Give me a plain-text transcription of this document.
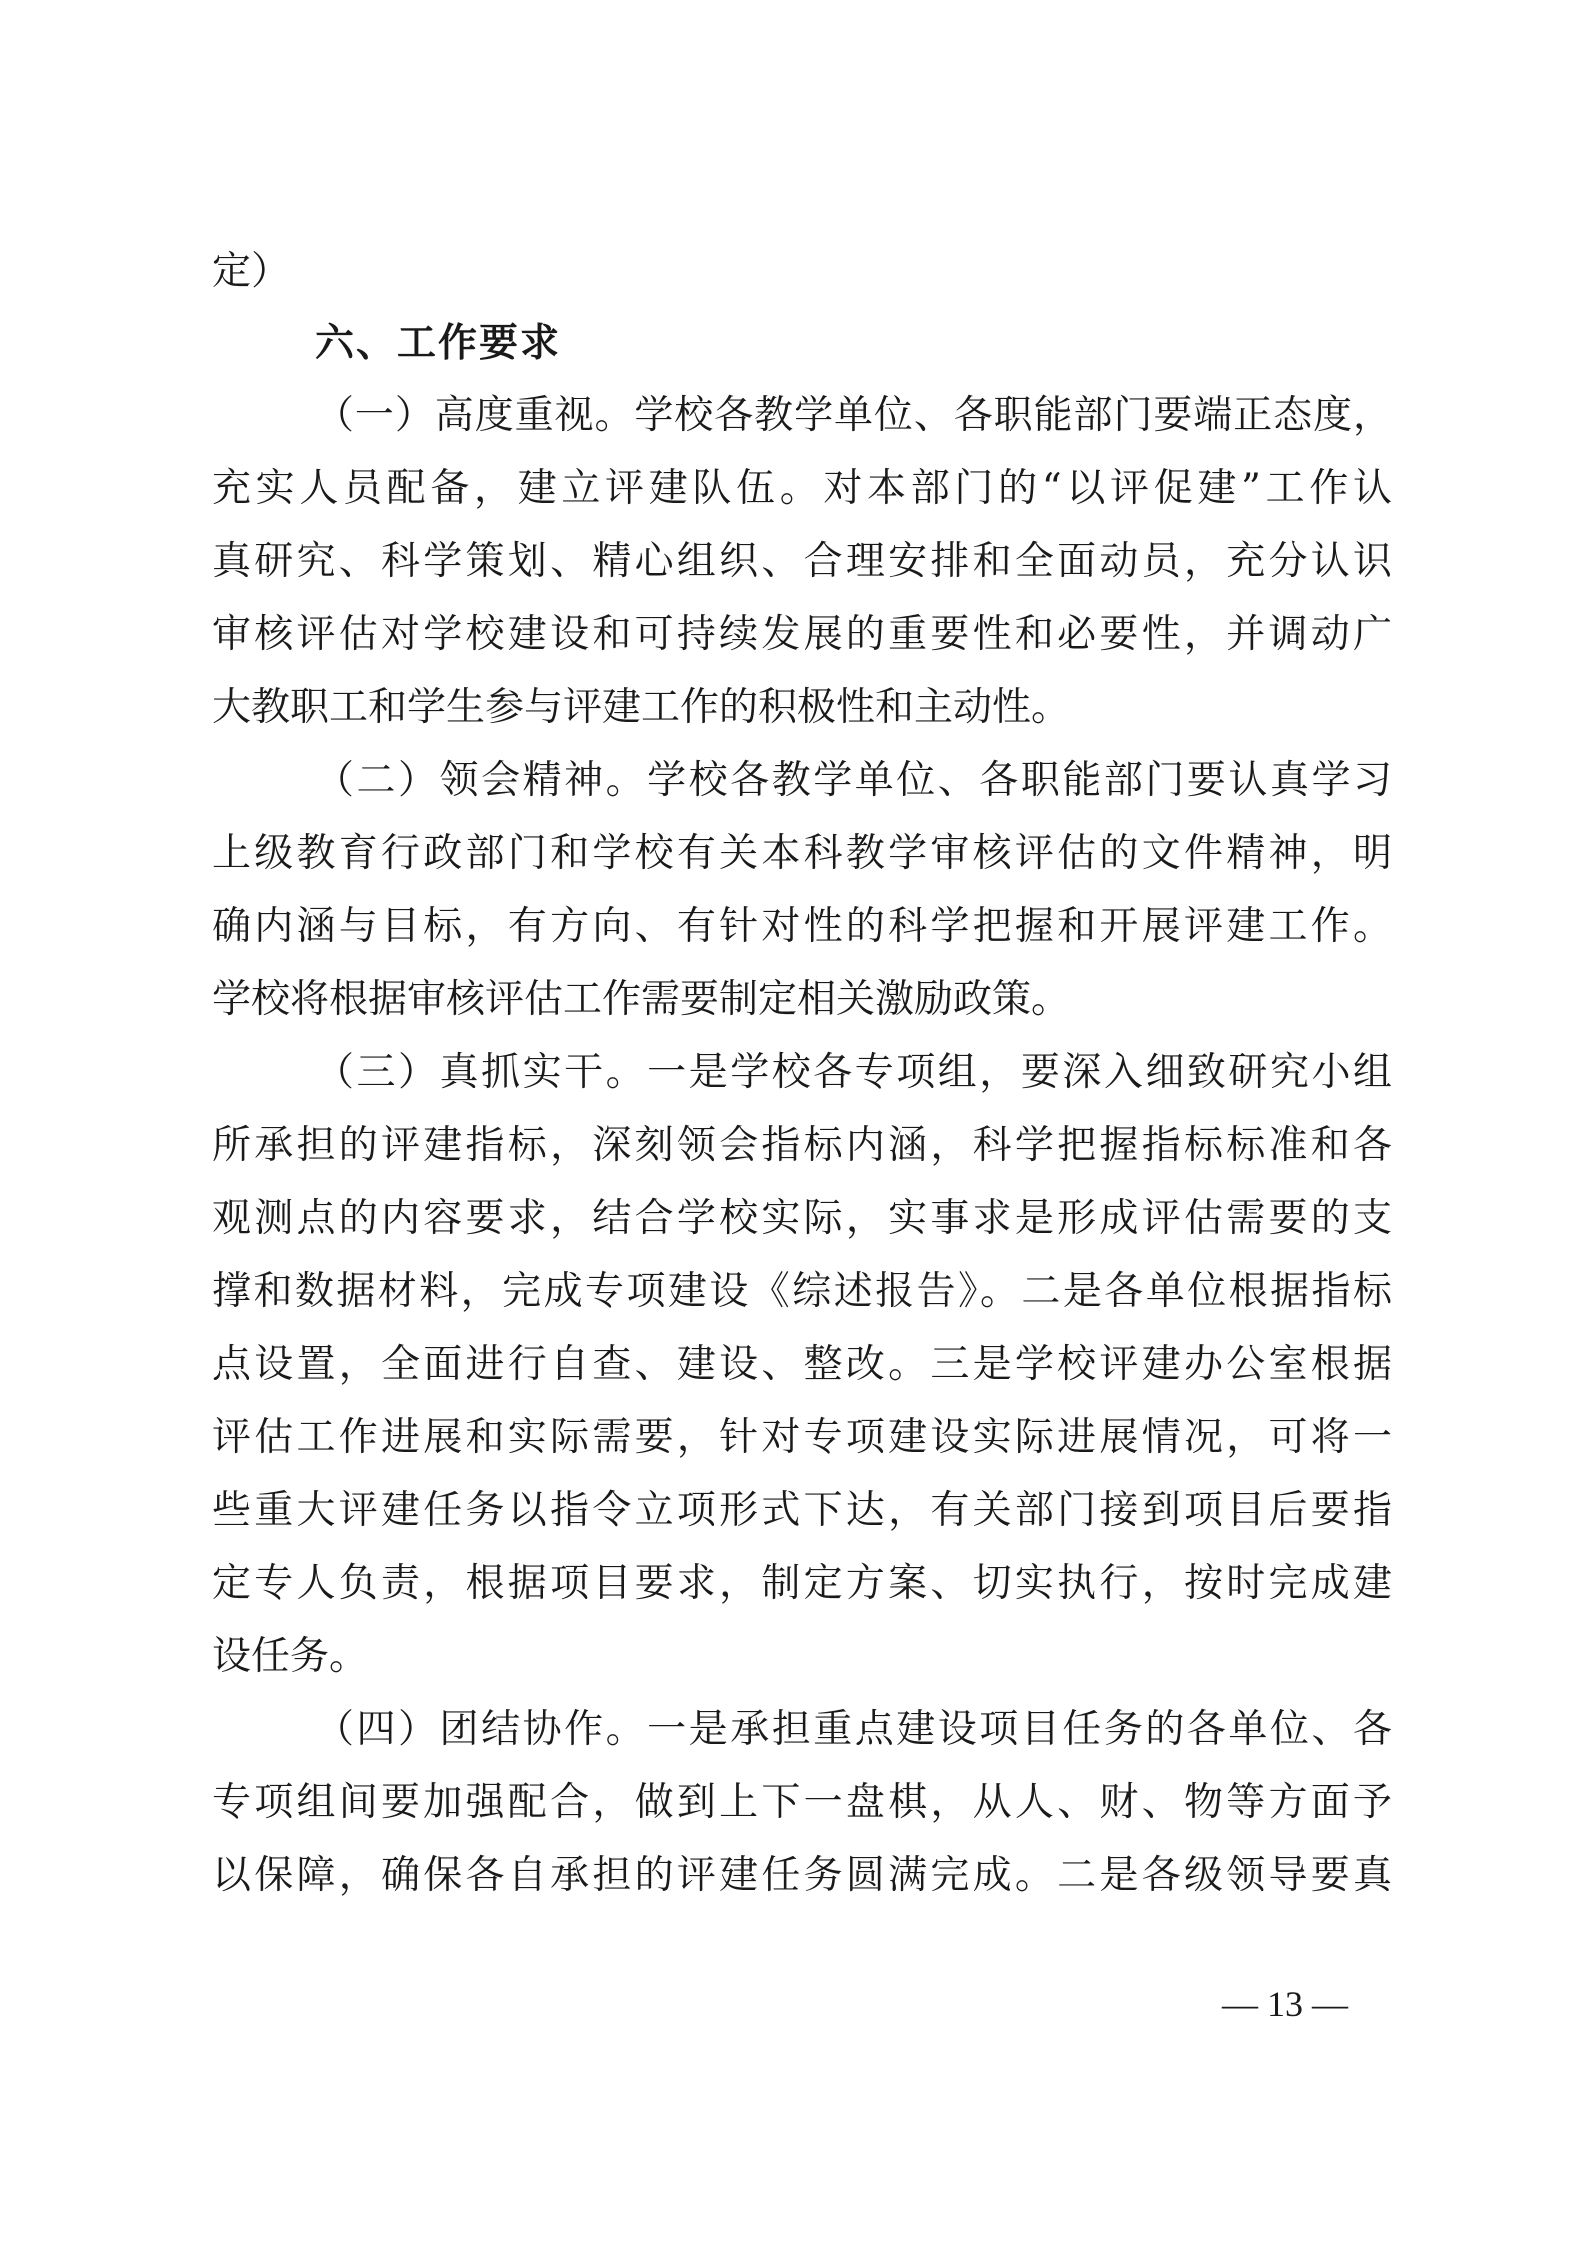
定）
六、工作要求
（一）高度重视。学校各教学单位、各职能部门要端正态度，
充实人员配备，建立评建队伍。对本部门的“以评促建”工作认
真研究、科学策划、精心组织、合理安排和全面动员，充分认识
审核评估对学校建设和可持续发展的重要性和必要性，并调动广
大教职工和学生参与评建工作的积极性和主动性。
（二）领会精神。学校各教学单位、各职能部门要认真学习
上级教育行政部门和学校有关本科教学审核评估的文件精神，明
确内涵与目标，有方向、有针对性的科学把握和开展评建工作。
学校将根据审核评估工作需要制定相关激励政策。
（三）真抓实干。一是学校各专项组，要深入细致研究小组
所承担的评建指标，深刻领会指标内涵，科学把握指标标准和各
观测点的内容要求，结合学校实际，实事求是形成评估需要的支
撑和数据材料，完成专项建设《综述报告》。二是各单位根据指标
点设置，全面进行自查、建设、整改。三是学校评建办公室根据
评估工作进展和实际需要，针对专项建设实际进展情况，可将一
些重大评建任务以指令立项形式下达，有关部门接到项目后要指
定专人负责，根据项目要求，制定方案、切实执行，按时完成建
设任务。
（四）团结协作。一是承担重点建设项目任务的各单位、各
专项组间要加强配合，做到上下一盘棋，从人、财、物等方面予
以保障，确保各自承担的评建任务圆满完成。二是各级领导要真
— 13 —
